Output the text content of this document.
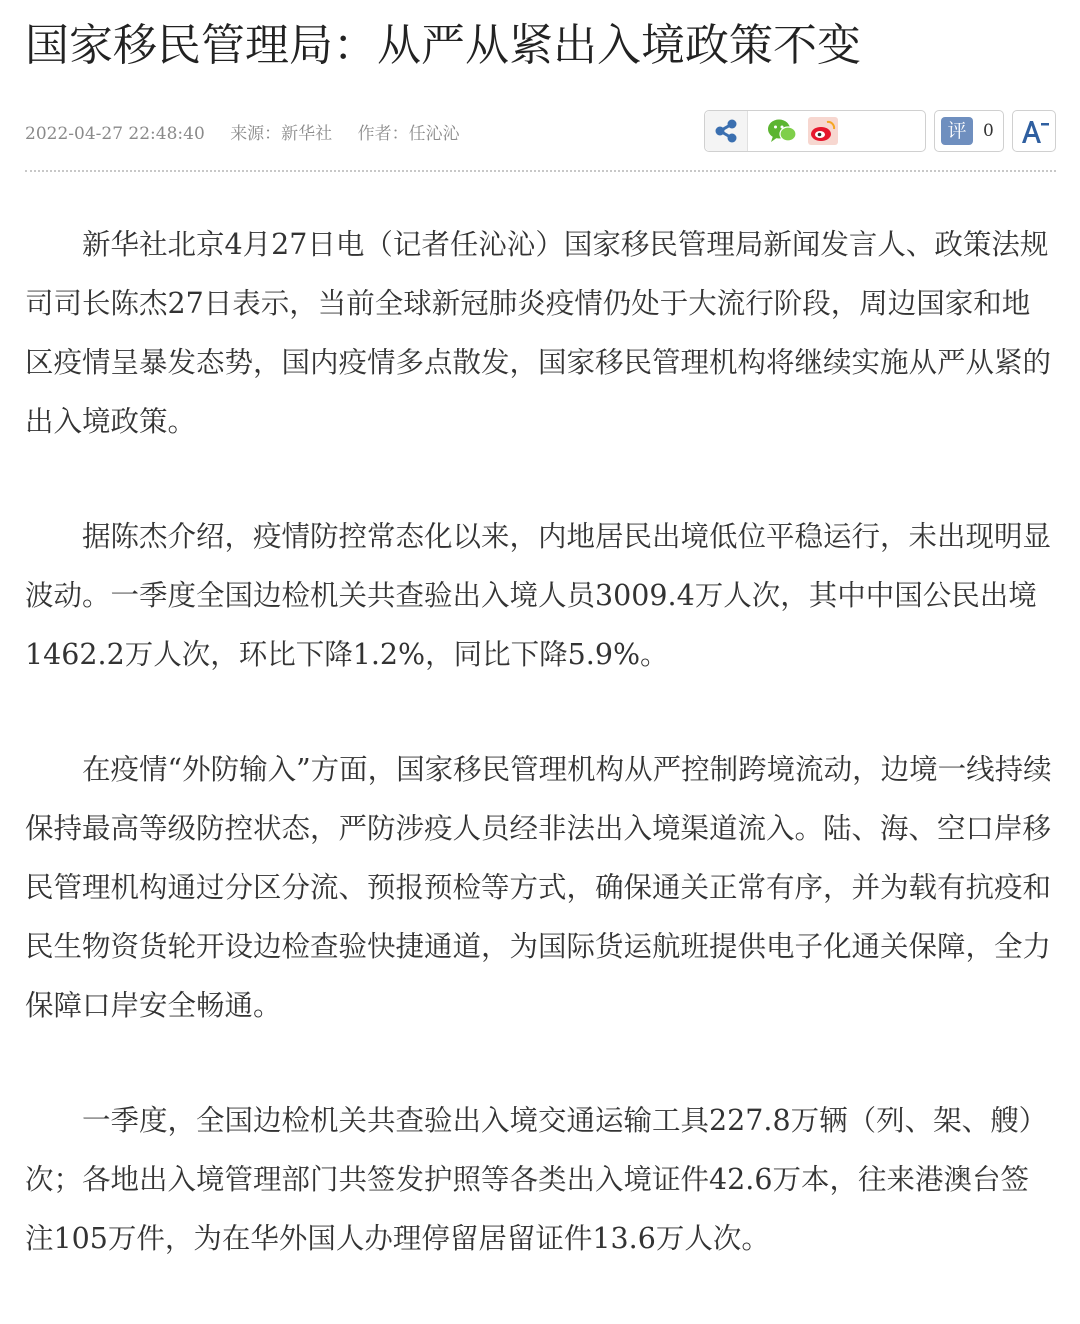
国家移民管理局：从严从紧出入境政策不变
2022-04-27 22:48:40 来源：新华社 作者：任沁沁	评 0

新华社北京4月27日电（记者任沁沁）国家移民管理局新闻发言人、政策法规司司长陈杰27日表示，当前全球新冠肺炎疫情仍处于大流行阶段，周边国家和地区疫情呈暴发态势，国内疫情多点散发，国家移民管理机构将继续实施从严从紧的出入境政策。

据陈杰介绍，疫情防控常态化以来，内地居民出境低位平稳运行，未出现明显波动。一季度全国边检机关共查验出入境人员3009.4万人次，其中中国公民出境1462.2万人次，环比下降1.2%，同比下降5.9%。

在疫情“外防输入”方面，国家移民管理机构从严控制跨境流动，边境一线持续保持最高等级防控状态，严防涉疫人员经非法出入境渠道流入。陆、海、空口岸移民管理机构通过分区分流、预报预检等方式，确保通关正常有序，并为载有抗疫和民生物资货轮开设边检查验快捷通道，为国际货运航班提供电子化通关保障，全力保障口岸安全畅通。

一季度，全国边检机关共查验出入境交通运输工具227.8万辆（列、架、艘）次；各地出入境管理部门共签发护照等各类出入境证件42.6万本，往来港澳台签注105万件，为在华外国人办理停留居留证件13.6万人次。
